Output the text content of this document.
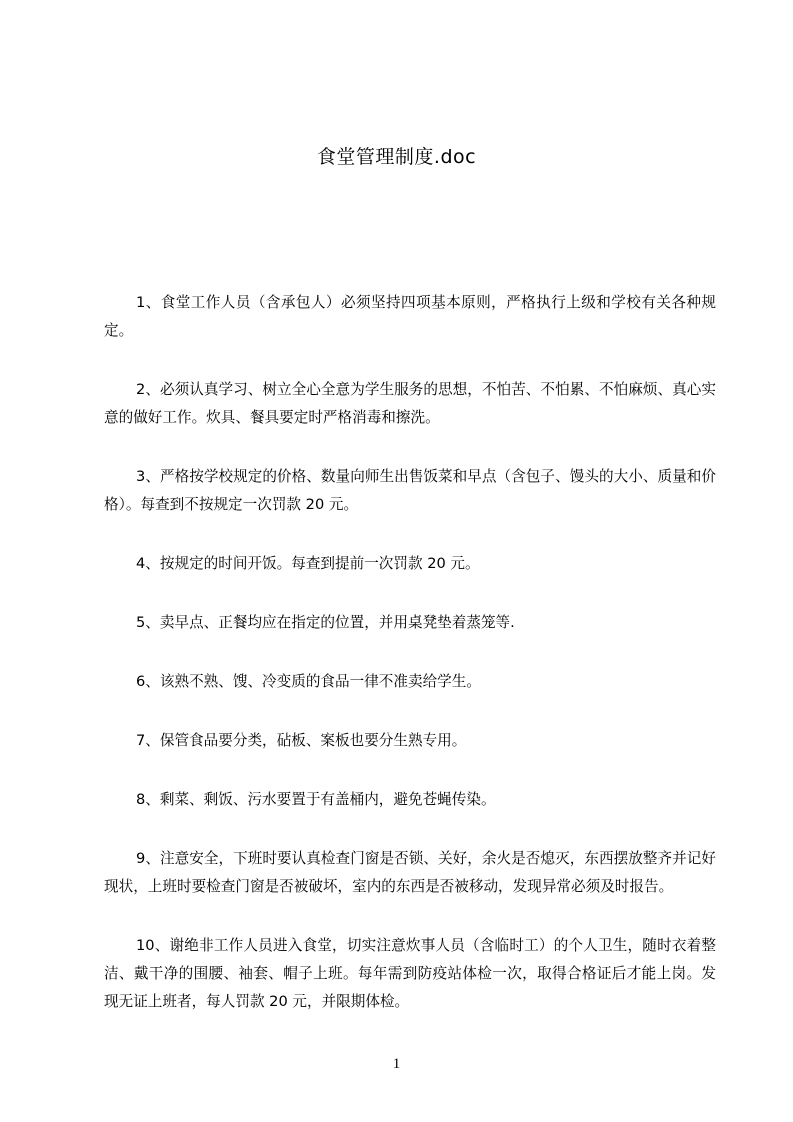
食堂管理制度.doc

1、食堂工作人员（含承包人）必须坚持四项基本原则，严格执行上级和学校有关各种规定。

2、必须认真学习、树立全心全意为学生服务的思想，不怕苦、不怕累、不怕麻烦、真心实意的做好工作。炊具、餐具要定时严格消毒和擦洗。

3、严格按学校规定的价格、数量向师生出售饭菜和早点（含包子、馒头的大小、质量和价格）。每查到不按规定一次罚款 20 元。

4、按规定的时间开饭。每查到提前一次罚款 20 元。

5、卖早点、正餐均应在指定的位置，并用桌凳垫着蒸笼等.

6、该熟不熟、馊、冷变质的食品一律不准卖给学生。

7、保管食品要分类，砧板、案板也要分生熟专用。

8、剩菜、剩饭、污水要置于有盖桶内，避免苍蝇传染。

9、注意安全，下班时要认真检查门窗是否锁、关好，余火是否熄灭，东西摆放整齐并记好现状，上班时要检查门窗是否被破坏，室内的东西是否被移动，发现异常必须及时报告。

10、谢绝非工作人员进入食堂，切实注意炊事人员（含临时工）的个人卫生，随时衣着整洁、戴干净的围腰、袖套、帽子上班。每年需到防疫站体检一次，取得合格证后才能上岗。发现无证上班者，每人罚款 20 元，并限期体检。

1
